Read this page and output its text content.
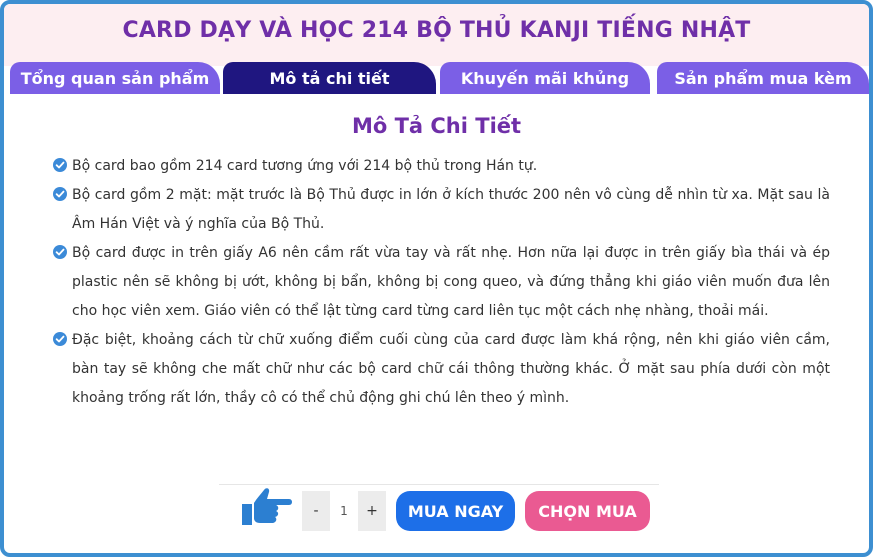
CARD DẠY VÀ HỌC 214 BỘ THỦ KANJI TIẾNG NHẬT
Tổng quan sản phẩm	Mô tả chi tiết	Khuyến mãi khủng	Sản phẩm mua kèm
Mô Tả Chi Tiết
Bộ card bao gồm 214 card tương ứng với 214 bộ thủ trong Hán tự.
Bộ card gồm 2 mặt: mặt trước là Bộ Thủ được in lớn ở kích thước 200 nên vô cùng dễ nhìn từ xa. Mặt sau là Âm Hán Việt và ý nghĩa của Bộ Thủ.
Bộ card được in trên giấy A6 nên cầm rất vừa tay và rất nhẹ. Hơn nữa lại được in trên giấy bìa thái và ép plastic nên sẽ không bị ướt, không bị bẩn, không bị cong queo, và đứng thẳng khi giáo viên muốn đưa lên cho học viên xem. Giáo viên có thể lật từng card từng card liên tục một cách nhẹ nhàng, thoải mái.
Đặc biệt, khoảng cách từ chữ xuống điểm cuối cùng của card được làm khá rộng, nên khi giáo viên cầm, bàn tay sẽ không che mất chữ như các bộ card chữ cái thông thường khác. Ở mặt sau phía dưới còn một khoảng trống rất lớn, thầy cô có thể chủ động ghi chú lên theo ý mình.
-
1	+	MUA NGAY	CHỌN MUA
